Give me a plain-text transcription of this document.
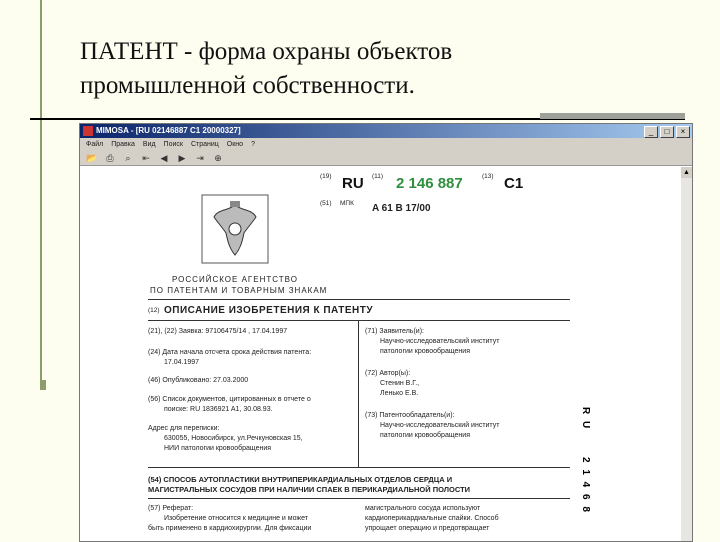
ПАТЕНТ - форма охраны объектов
промышленной собственности.
MIMOSA - [RU 02146887 C1 20000327]	_	□	×
Файл Правка Вид Поиск Страниц Окно ?
📂 ⎙	⌕	⇤	◀	▶	⇥	⊕
(19) RU (11) 2 146 887	(13) C1
(51) МПК A 61 B 17/00
РОССИЙСКОЕ АГЕНТСТВО
ПО ПАТЕНТАМ И ТОВАРНЫМ ЗНАКАМ
(12) ОПИСАНИЕ ИЗОБРЕТЕНИЯ К ПАТЕНТУ
(21), (22) Заявка: 97106475/14 , 17.04.1997
(24) Дата начала отсчета срока действия патента:
17.04.1997
(46) Опубликовано: 27.03.2000
(56) Список документов, цитированных в отчете о
поиске: RU 1836921 A1, 30.08.93.
Адрес для переписки:
630055, Новосибирск, ул.Речкуновская 15,
НИИ патологии кровообращения
(71) Заявитель(и):
Научно-исследовательский институт
патологии кровообращения
(72) Автор(ы):
Стенин В.Г.,
Ленько Е.В.
(73) Патентообладатель(и):
Научно-исследовательский институт
патологии кровообращения
(54) СПОСОБ АУТОПЛАСТИКИ ВНУТРИПЕРИКАРДИАЛЬНЫХ ОТДЕЛОВ СЕРДЦА И
МАГИСТРАЛЬНЫХ СОСУДОВ ПРИ НАЛИЧИИ СПАЕК В ПЕРИКАРДИАЛЬНОЙ ПОЛОСТИ
(57) Реферат:
Изобретение относится к медицине и может
быть применено в кардиохирургии. Для фиксации
магистрального сосуда используют
кардиоперикардиальные спайки. Способ
упрощает операцию и предотвращает
R U
2 1 4 6 8
▲
